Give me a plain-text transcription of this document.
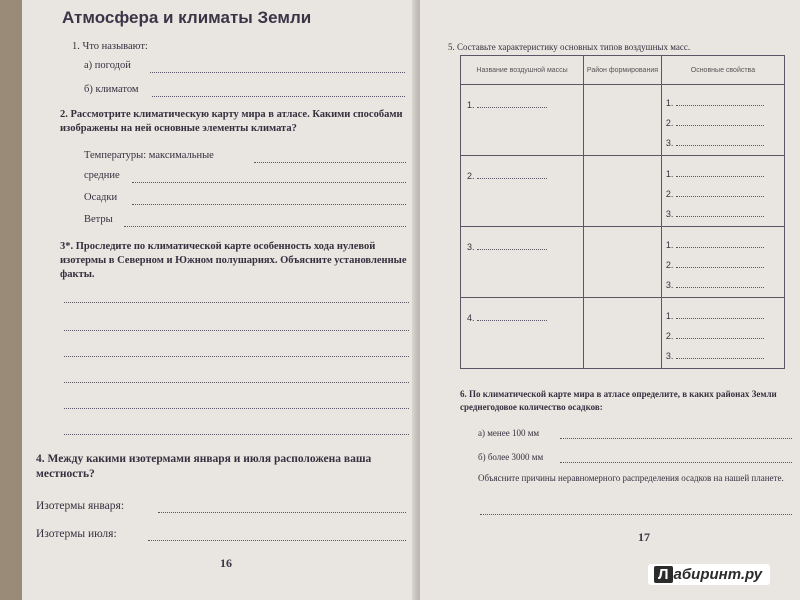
Атмосфера и климаты Земли
1. Что называют:
а) погодой
б) климатом
2. Рассмотрите климатическую карту мира в атласе. Какими способами изображены на ней основные элементы климата?
Температуры: максимальные
средние
Осадки
Ветры
3*. Проследите по климатической карте особенность хода нулевой изотермы в Северном и Южном полушариях. Объясните установленные факты.
4. Между какими изотермами января и июля расположена ваша местность?
Изотермы января:
Изотермы июля:
16
5. Составьте характеристику основных типов воздушных масс.
Название воздушной массы	Район формирования	Основные свойства

1.		1.
2.
3.

2.		1.
2.
3.

3.		1.
2.
3.

4.		1.
2.
3.
6. По климатической карте мира в атласе определите, в каких районах Земли среднегодовое количество осадков:
а) менее 100 мм
б) более 3000 мм
Объясните причины неравномерного распределения осадков на нашей планете.
17
Л абиринт.ру
